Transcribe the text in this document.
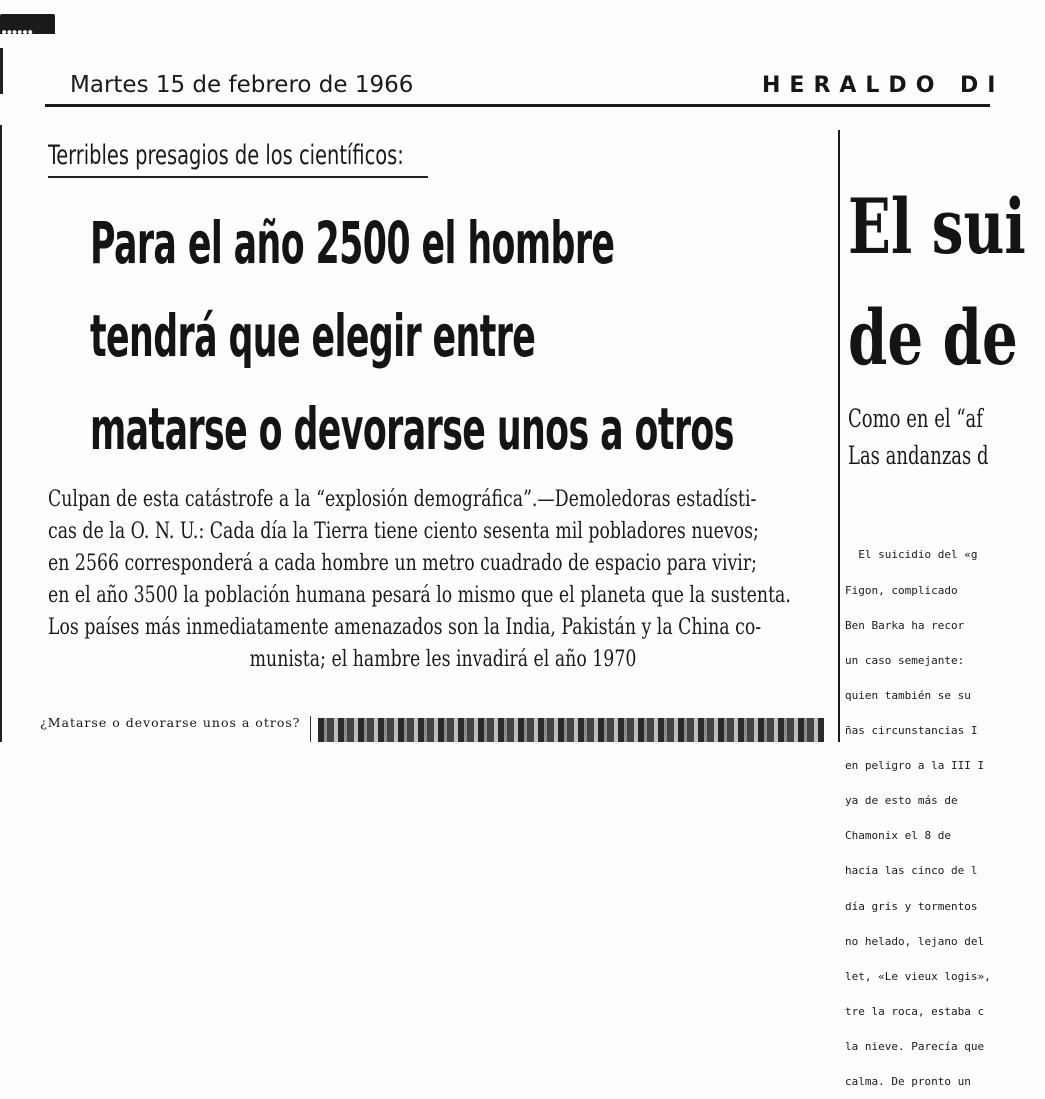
●●●●●●
Martes 15 de febrero de 1966	HERALDO DI
Terribles presagios de los científicos:
Para el año 2500 el hombre
tendrá que elegir entre
matarse o devorarse unos a otros
Culpan de esta catástrofe a la “explosión demográfica”.—Demoledoras estadísti-
cas de la O. N. U.: Cada día la Tierra tiene ciento sesenta mil pobladores nuevos;
en 2566 corresponderá a cada hombre un metro cuadrado de espacio para vivir;
en el año 3500 la población humana pesará lo mismo que el planeta que la sustenta.
Los países más inmediatamente amenazados son la India, Pakistán y la China co-
munista; el hambre les invadirá el año 1970
¿Matarse o devorarse unos a otros?
El sui
de de
Como en el “af
Las andanzas d

El suicidio del «g

Figon, complicado

Ben Barka ha recor

un caso semejante:

quien también se su

ñas circunstancias I

en peligro a la III I

ya de esto más de

Chamonix el 8 de

hacia las cinco de l

día gris y tormentos

no helado, lejano del

let, «Le vieux logis»,

tre la roca, estaba c

la nieve. Parecía que

calma. De pronto un
